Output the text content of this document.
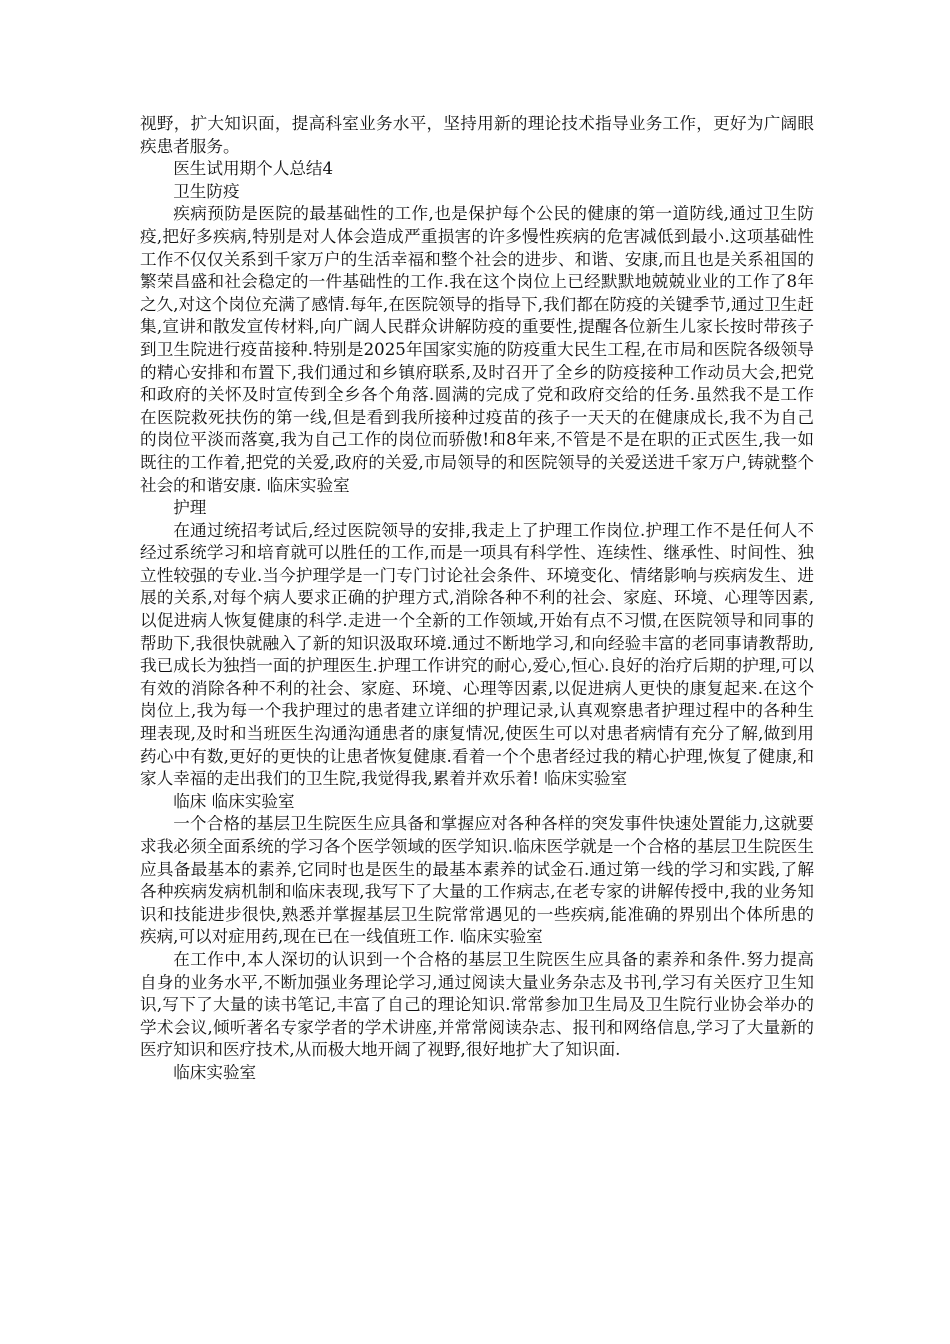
视野，扩大知识面，提高科室业务水平，坚持用新的理论技术指导业务工作，更好为广阔眼疾患者服务。

医生试用期个人总结4

卫生防疫

疾病预防是医院的最基础性的工作,也是保护每个公民的健康的第一道防线,通过卫生防疫,把好多疾病,特别是对人体会造成严重损害的许多慢性疾病的危害减低到最小.这项基础性工作不仅仅关系到千家万户的生活幸福和整个社会的进步、和谐、安康,而且也是关系祖国的繁荣昌盛和社会稳定的一件基础性的工作.我在这个岗位上已经默默地兢兢业业的工作了8年之久,对这个岗位充满了感情.每年,在医院领导的指导下,我们都在防疫的关键季节,通过卫生赶集,宣讲和散发宣传材料,向广阔人民群众讲解防疫的重要性,提醒各位新生儿家长按时带孩子到卫生院进行疫苗接种.特别是2025年国家实施的防疫重大民生工程,在市局和医院各级领导的精心安排和布置下,我们通过和乡镇府联系,及时召开了全乡的防疫接种工作动员大会,把党和政府的关怀及时宣传到全乡各个角落.圆满的完成了党和政府交给的任务.虽然我不是工作在医院救死扶伤的第一线,但是看到我所接种过疫苗的孩子一天天的在健康成长,我不为自己的岗位平淡而落寞,我为自己工作的岗位而骄傲!和8年来,不管是不是在职的正式医生,我一如既往的工作着,把党的关爱,政府的关爱,市局领导的和医院领导的关爱送进千家万户,铸就整个社会的和谐安康. 临床实验室

护理

在通过统招考试后,经过医院领导的安排,我走上了护理工作岗位.护理工作不是任何人不经过系统学习和培育就可以胜任的工作,而是一项具有科学性、连续性、继承性、时间性、独立性较强的专业.当今护理学是一门专门讨论社会条件、环境变化、情绪影响与疾病发生、进展的关系,对每个病人要求正确的护理方式,消除各种不利的社会、家庭、环境、心理等因素,以促进病人恢复健康的科学.走进一个全新的工作领域,开始有点不习惯,在医院领导和同事的帮助下,我很快就融入了新的知识汲取环境.通过不断地学习,和向经验丰富的老同事请教帮助,我已成长为独挡一面的护理医生.护理工作讲究的耐心,爱心,恒心.良好的治疗后期的护理,可以有效的消除各种不利的社会、家庭、环境、心理等因素,以促进病人更快的康复起来.在这个岗位上,我为每一个我护理过的患者建立详细的护理记录,认真观察患者护理过程中的各种生理表现,及时和当班医生沟通沟通患者的康复情况,使医生可以对患者病情有充分了解,做到用药心中有数,更好的更快的让患者恢复健康.看着一个个患者经过我的精心护理,恢复了健康,和家人幸福的走出我们的卫生院,我觉得我,累着并欢乐着! 临床实验室

临床 临床实验室

一个合格的基层卫生院医生应具备和掌握应对各种各样的突发事件快速处置能力,这就要求我必须全面系统的学习各个医学领域的医学知识.临床医学就是一个合格的基层卫生院医生应具备最基本的素养,它同时也是医生的最基本素养的试金石.通过第一线的学习和实践,了解各种疾病发病机制和临床表现,我写下了大量的工作病志,在老专家的讲解传授中,我的业务知识和技能进步很快,熟悉并掌握基层卫生院常常遇见的一些疾病,能准确的界别出个体所患的疾病,可以对症用药,现在已在一线值班工作. 临床实验室

在工作中,本人深切的认识到一个合格的基层卫生院医生应具备的素养和条件.努力提高自身的业务水平,不断加强业务理论学习,通过阅读大量业务杂志及书刊,学习有关医疗卫生知识,写下了大量的读书笔记,丰富了自己的理论知识.常常参加卫生局及卫生院行业协会举办的学术会议,倾听著名专家学者的学术讲座,并常常阅读杂志、报刊和网络信息,学习了大量新的医疗知识和医疗技术,从而极大地开阔了视野,很好地扩大了知识面.

临床实验室
